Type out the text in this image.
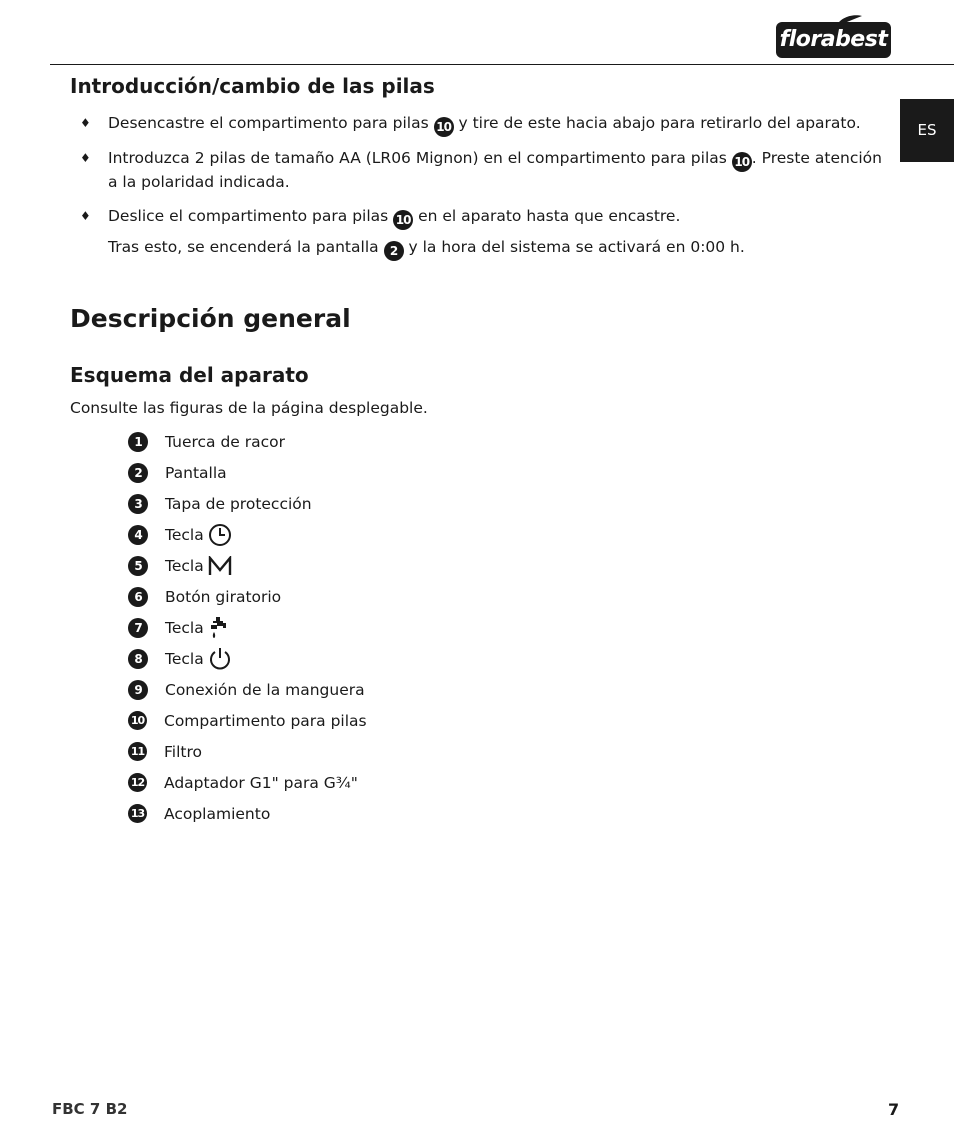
florabest
ES
Introducción/cambio de las pilas
♦ Desencastre el compartimento para pilas 10 y tire de este hacia abajo para retirarlo del aparato.
♦ Introduzca 2 pilas de tamaño AA (LR06 Mignon) en el compartimento para pilas 10 . Preste atención
a la polaridad indicada.
♦ Deslice el compartimento para pilas 10 en el aparato hasta que encastre.
Tras esto, se encenderá la pantalla 2 y la hora del sistema se activará en 0:00 h.
Descripción general
Esquema del aparato
Consulte las figuras de la página desplegable.
1	Tuerca de racor
2	Pantalla
3	Tapa de protección
4	Tecla
5	Tecla
6	Botón giratorio
7	Tecla
8	Tecla
9	Conexión de la manguera
10 Compartimento para pilas
11 Filtro
12 Adaptador G1" para G¾"
13 Acoplamiento
FBC 7 B2	7
